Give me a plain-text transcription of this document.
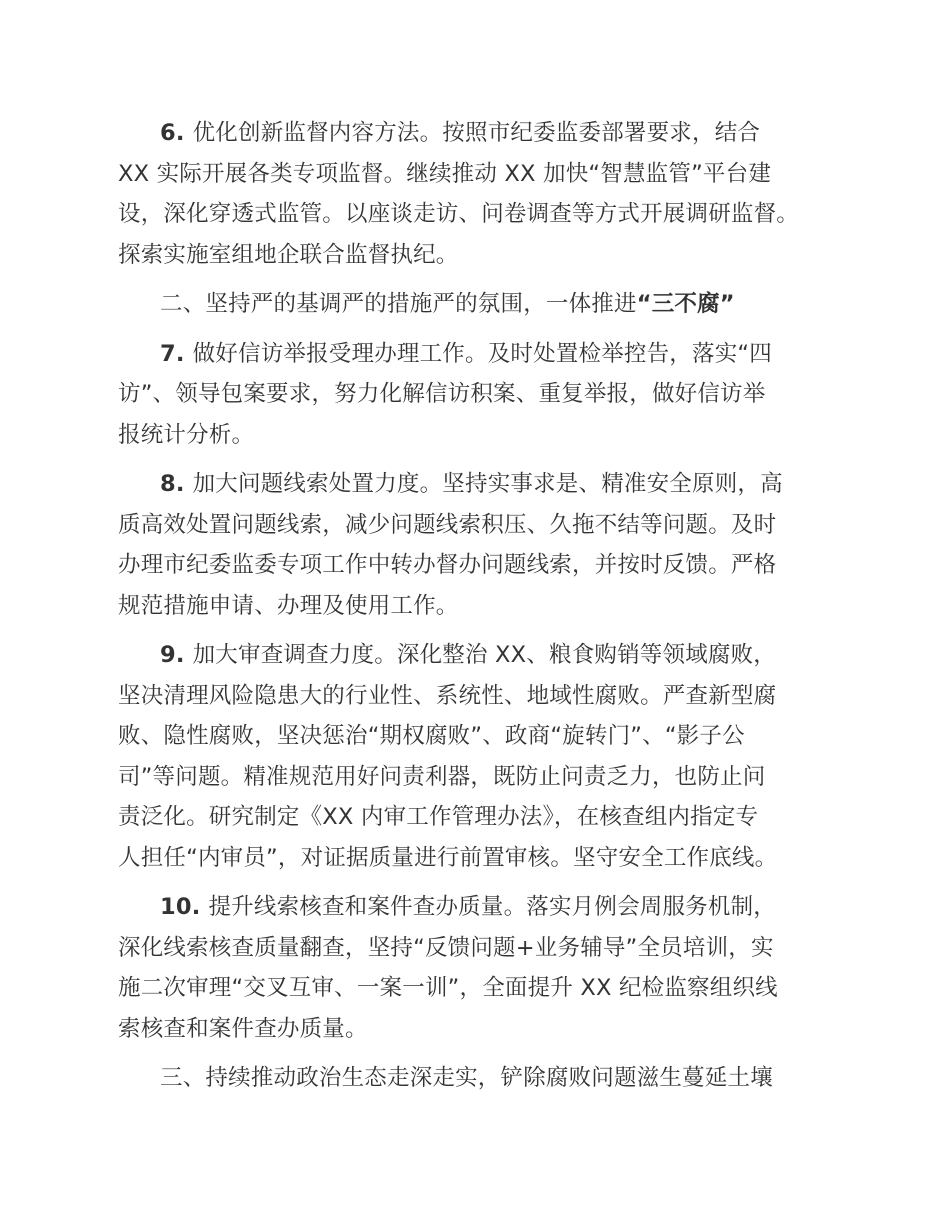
6. 优化创新监督内容方法。按照市纪委监委部署要求，结合
XX 实际开展各类专项监督。继续推动 XX 加快“智慧监管”平台建
设，深化穿透式监管。以座谈走访、问卷调查等方式开展调研监督。
探索实施室组地企联合监督执纪。
二、坚持严的基调严的措施严的氛围，一体推进“三不腐”
7. 做好信访举报受理办理工作。及时处置检举控告，落实“四
访”、领导包案要求，努力化解信访积案、重复举报，做好信访举
报统计分析。
8. 加大问题线索处置力度。坚持实事求是、精准安全原则，高
质高效处置问题线索，减少问题线索积压、久拖不结等问题。及时
办理市纪委监委专项工作中转办督办问题线索，并按时反馈。严格
规范措施申请、办理及使用工作。
9. 加大审查调查力度。深化整治 XX、粮食购销等领域腐败，
坚决清理风险隐患大的行业性、系统性、地域性腐败。严查新型腐
败、隐性腐败，坚决惩治“期权腐败”、政商“旋转门”、“影子公
司”等问题。精准规范用好问责利器，既防止问责乏力，也防止问
责泛化。研究制定《XX 内审工作管理办法》，在核查组内指定专
人担任“内审员”，对证据质量进行前置审核。坚守安全工作底线。
10. 提升线索核查和案件查办质量。落实月例会周服务机制，
深化线索核查质量翻查，坚持“反馈问题+业务辅导”全员培训，实
施二次审理“交叉互审、一案一训”，全面提升 XX 纪检监察组织线
索核查和案件查办质量。
三、持续推动政治生态走深走实，铲除腐败问题滋生蔓延土壤
